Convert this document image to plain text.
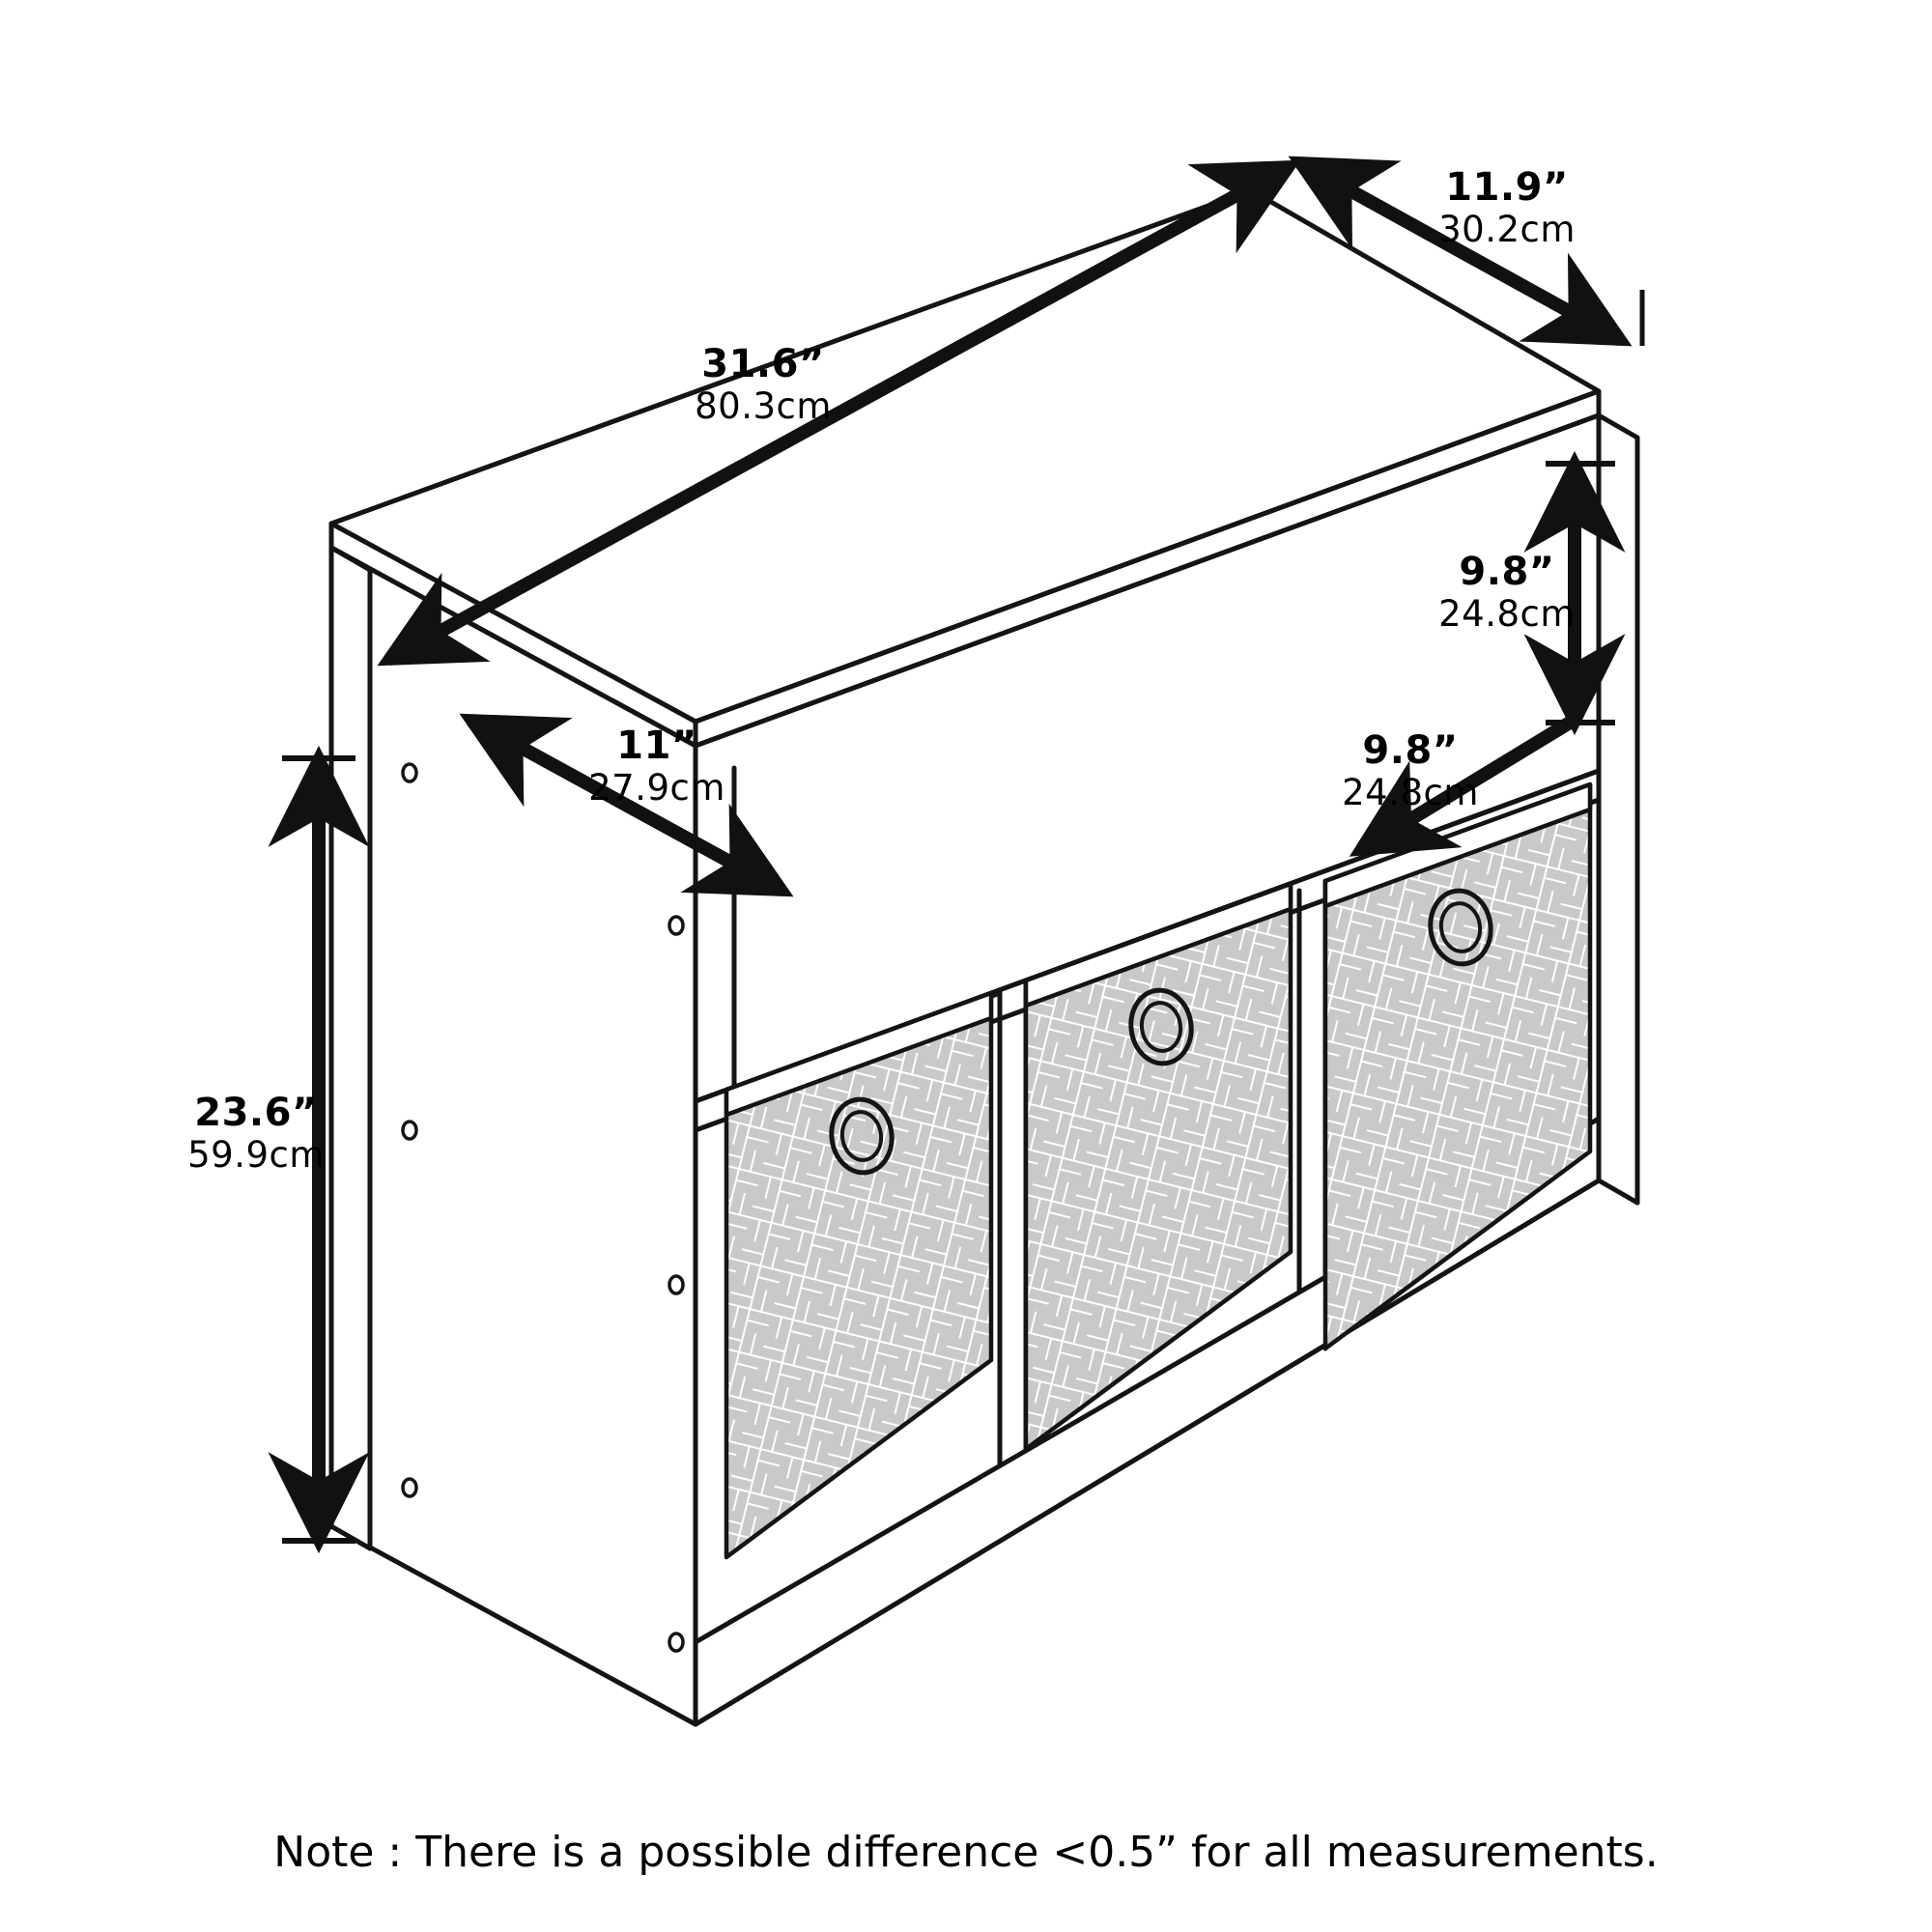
31.6”
80.3cm
11.9”
30.2cm
23.6”
59.9cm
11”
27.9cm
9.8”
24.8cm
9.8”
24.8cm
Note : There is a possible difference <0.5” for all measurements.
